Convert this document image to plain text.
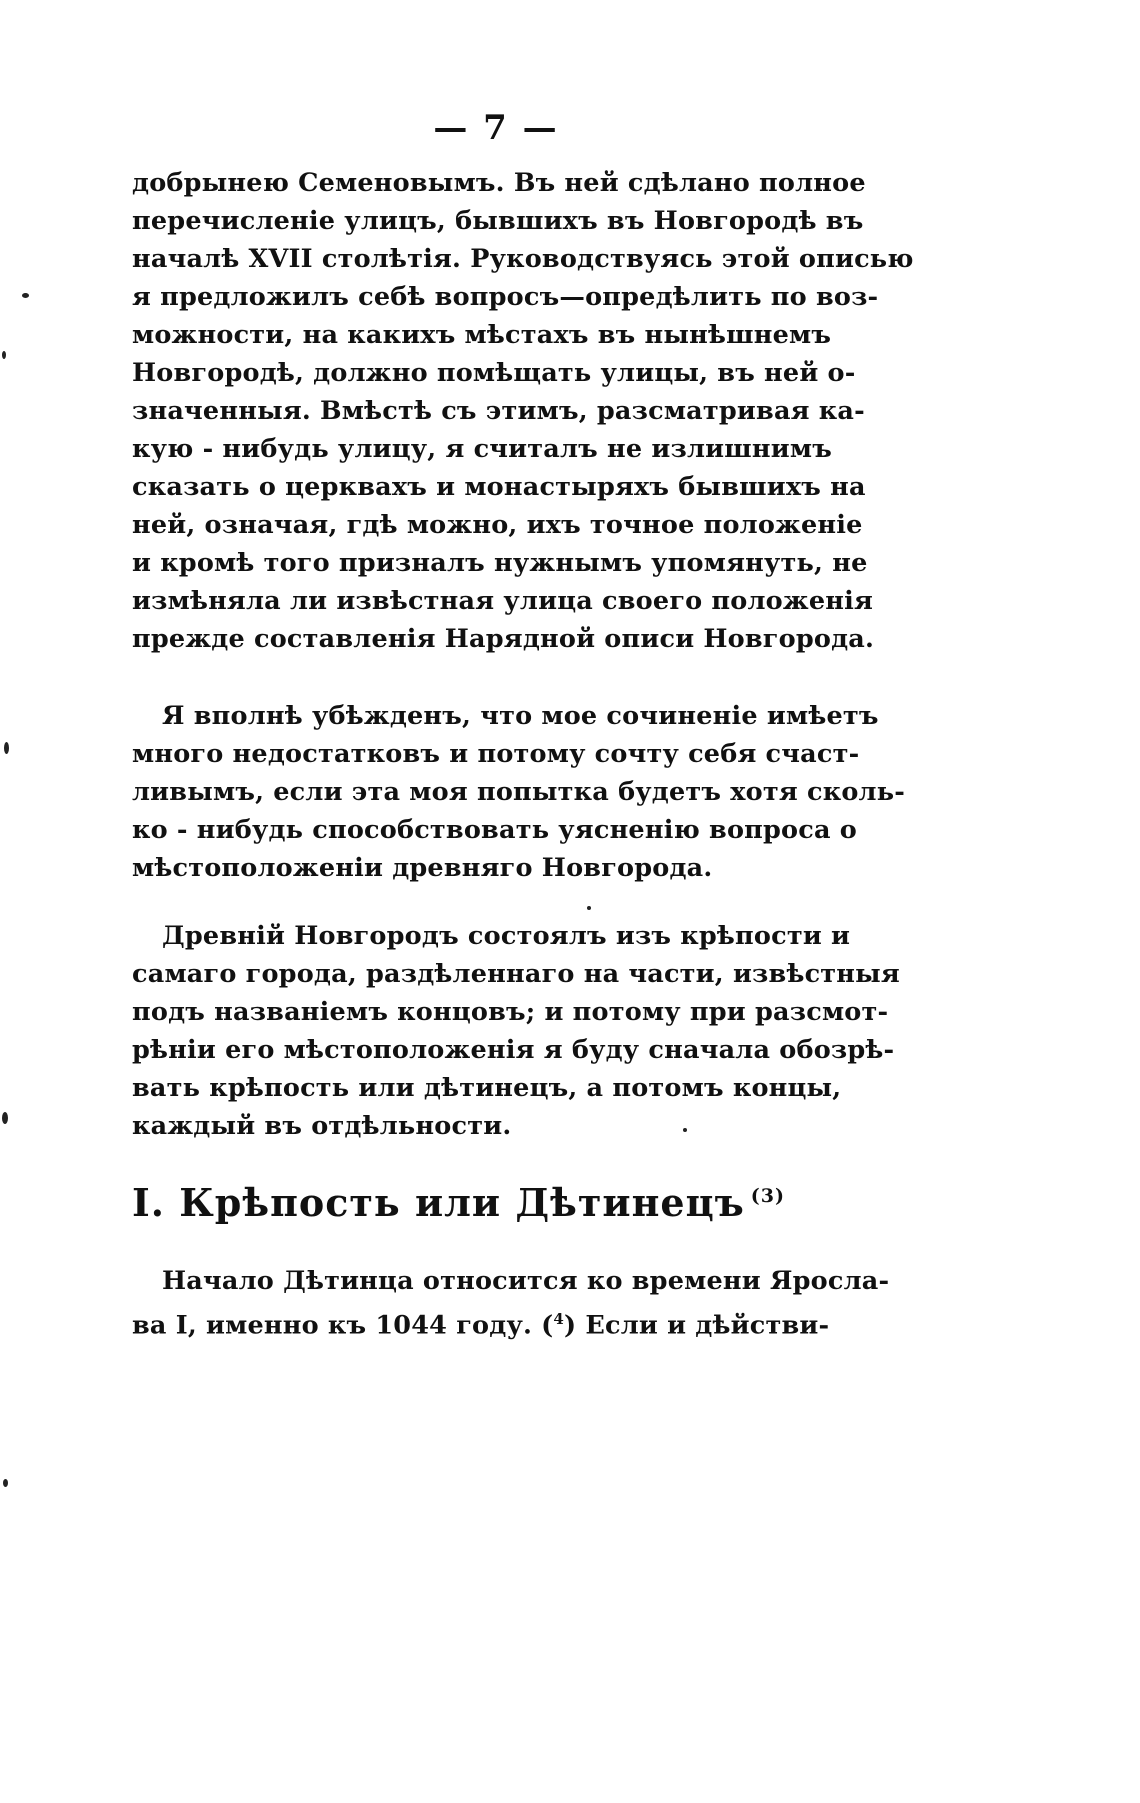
— 7 —
добрынею Семеновымъ. Въ ней сдѣлано полное
перечисленіе улицъ, бывшихъ въ Новгородѣ въ
началѣ XVII столѣтія. Руководствуясь этой описью
я предложилъ себѣ вопросъ—опредѣлить по воз-
можности, на какихъ мѣстахъ въ нынѣшнемъ
Новгородѣ, должно помѣщать улицы, въ ней о-
значенныя. Вмѣстѣ съ этимъ, разсматривая ка-
кую - нибудь улицу, я считалъ не излишнимъ
сказать о церквахъ и монастыряхъ бывшихъ на
ней, означая, гдѣ можно, ихъ точное положеніе
и кромѣ того призналъ нужнымъ упомянуть, не
измѣняла ли извѣстная улица своего положенія
прежде составленія Нарядной описи Новгорода.
Я вполнѣ убѣжденъ, что мое сочиненіе имѣетъ
много недостатковъ и потому сочту себя счаст-
ливымъ, если эта моя попытка будетъ хотя сколь-
ко - нибудь способствовать уясненію вопроса о
мѣстоположеніи древняго Новгорода.
Древній Новгородъ состоялъ изъ крѣпости и
самаго города, раздѣленнаго на части, извѣстныя
подъ названіемъ концовъ; и потому при разсмот-
рѣніи его мѣстоположенія я буду сначала обозрѣ-
вать крѣпость или дѣтинецъ, а потомъ концы,
каждый въ отдѣльности.
I. Крѣпость или Дѣтинецъ $^{(3)}$
Начало Дѣтинца относится ко времени Яросла-
ва I, именно къ 1044 году. ($^4$) Если и дѣйстви-
